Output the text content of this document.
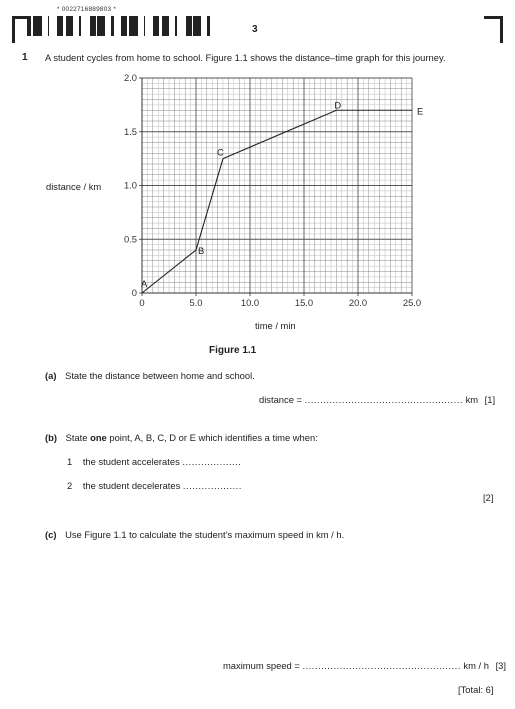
* 0022716889803 *
3
1 A student cycles from home to school. Figure 1.1 shows the distance–time graph for this journey.
0	5.0	10.0	15.0	20.0	25.0
0
0.5
1.0
1.5
2.0
A
B
C
D
E
distance / km
time / min
Figure 1.1
(a) State the distance between home and school.
distance = ................................................... km [1]
(b) State one point, A, B, C, D or E which identifies a time when:
1 the student accelerates ...................
2 the student decelerates ...................
[2]
(c) Use Figure 1.1 to calculate the student’s maximum speed in km / h.
maximum speed = ................................................... km / h [3]
[Total: 6]
